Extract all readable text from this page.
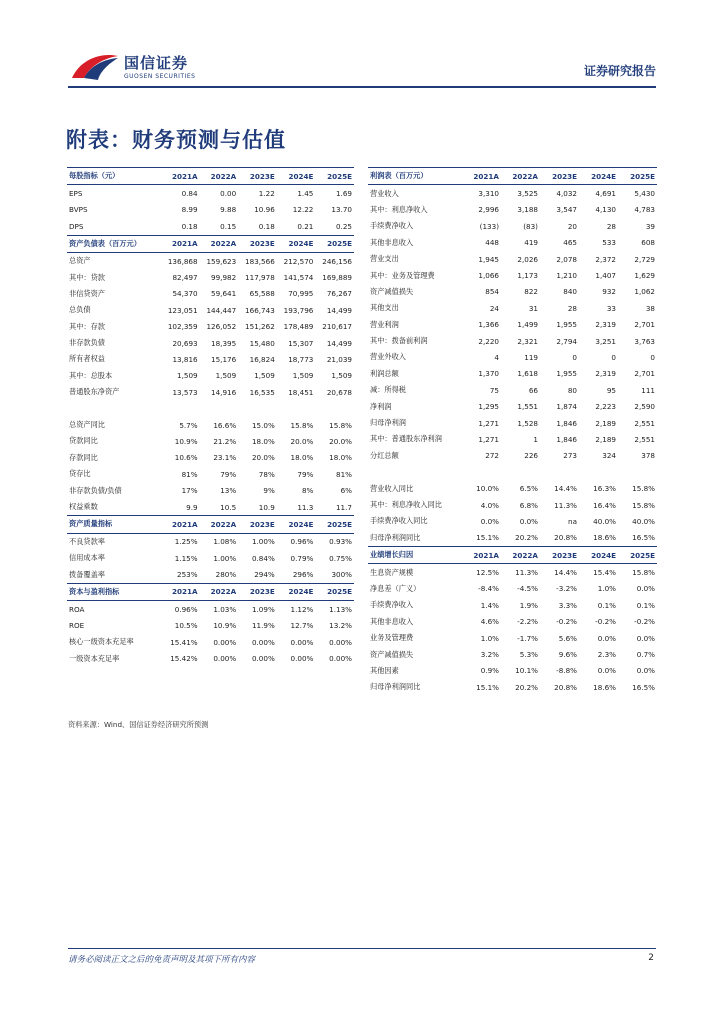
国信证券
GUOSEN SECURITIES	证券研究报告
附表：财务预测与估值
每股指标（元）	2021A	2022A	2023E	2024E	2025E
EPS	0.84	0.00	1.22	1.45	1.69
BVPS	8.99	9.88	10.96	12.22	13.70
DPS	0.18	0.15	0.18	0.21	0.25
资产负债表（百万元）	2021A	2022A	2023E	2024E	2025E
总资产	136,868	159,623	183,566	212,570	246,156
其中：贷款	82,497	99,982	117,978	141,574	169,889
非信贷资产	54,370	59,641	65,588	70,995	76,267
总负债	123,051	144,447	166,743	193,796	14,499
其中：存款	102,359	126,052	151,262	178,489	210,617
非存款负债	20,693	18,395	15,480	15,307	14,499
所有者权益	13,816	15,176	16,824	18,773	21,039
其中：总股本	1,509	1,509	1,509	1,509	1,509
普通股东净资产	13,573	14,916	16,535	18,451	20,678

总资产同比	5.7%	16.6%	15.0%	15.8%	15.8%
贷款同比	10.9%	21.2%	18.0%	20.0%	20.0%
存款同比	10.6%	23.1%	20.0%	18.0%	18.0%
贷存比	81%	79%	78%	79%	81%
非存款负债/负债	17%	13%	9%	8%	6%
权益乘数	9.9	10.5	10.9	11.3	11.7
资产质量指标	2021A	2022A	2023E	2024E	2025E
不良贷款率	1.25%	1.08%	1.00%	0.96%	0.93%
信用成本率	1.15%	1.00%	0.84%	0.79%	0.75%
拨备覆盖率	253%	280%	294%	296%	300%
资本与盈利指标	2021A	2022A	2023E	2024E	2025E
ROA	0.96%	1.03%	1.09%	1.12%	1.13%
ROE	10.5%	10.9%	11.9%	12.7%	13.2%
核心一级资本充足率	15.41%	0.00%	0.00%	0.00%	0.00%
一级资本充足率	15.42%	0.00%	0.00%	0.00%	0.00%
利润表（百万元）	2021A	2022A	2023E	2024E	2025E
营业收入	3,310	3,525	4,032	4,691	5,430
其中：利息净收入	2,996	3,188	3,547	4,130	4,783
手续费净收入	(133)	(83)	20	28	39
其他非息收入	448	419	465	533	608
营业支出	1,945	2,026	2,078	2,372	2,729
其中：业务及管理费	1,066	1,173	1,210	1,407	1,629
资产减值损失	854	822	840	932	1,062
其他支出	24	31	28	33	38
营业利润	1,366	1,499	1,955	2,319	2,701
其中：拨备前利润	2,220	2,321	2,794	3,251	3,763
营业外收入	4	119	0	0	0
利润总额	1,370	1,618	1,955	2,319	2,701
减：所得税	75	66	80	95	111
净利润	1,295	1,551	1,874	2,223	2,590
归母净利润	1,271	1,528	1,846	2,189	2,551
其中：普通股东净利润	1,271	1	1,846	2,189	2,551
分红总额	272	226	273	324	378

营业收入同比	10.0%	6.5%	14.4%	16.3%	15.8%
其中：利息净收入同比	4.0%	6.8%	11.3%	16.4%	15.8%
手续费净收入同比	0.0%	0.0%	na	40.0%	40.0%
归母净利润同比	15.1%	20.2%	20.8%	18.6%	16.5%
业绩增长归因	2021A	2022A	2023E	2024E	2025E
生息资产规模	12.5%	11.3%	14.4%	15.4%	15.8%
净息差（广义）	-8.4%	-4.5%	-3.2%	1.0%	0.0%
手续费净收入	1.4%	1.9%	3.3%	0.1%	0.1%
其他非息收入	4.6%	-2.2%	-0.2%	-0.2%	-0.2%
业务及管理费	1.0%	-1.7%	5.6%	0.0%	0.0%
资产减值损失	3.2%	5.3%	9.6%	2.3%	0.7%
其他因素	0.9%	10.1%	-8.8%	0.0%	0.0%
归母净利润同比	15.1%	20.2%	20.8%	18.6%	16.5%
资料来源：Wind、国信证券经济研究所预测
请务必阅读正文之后的免责声明及其项下所有内容	2
